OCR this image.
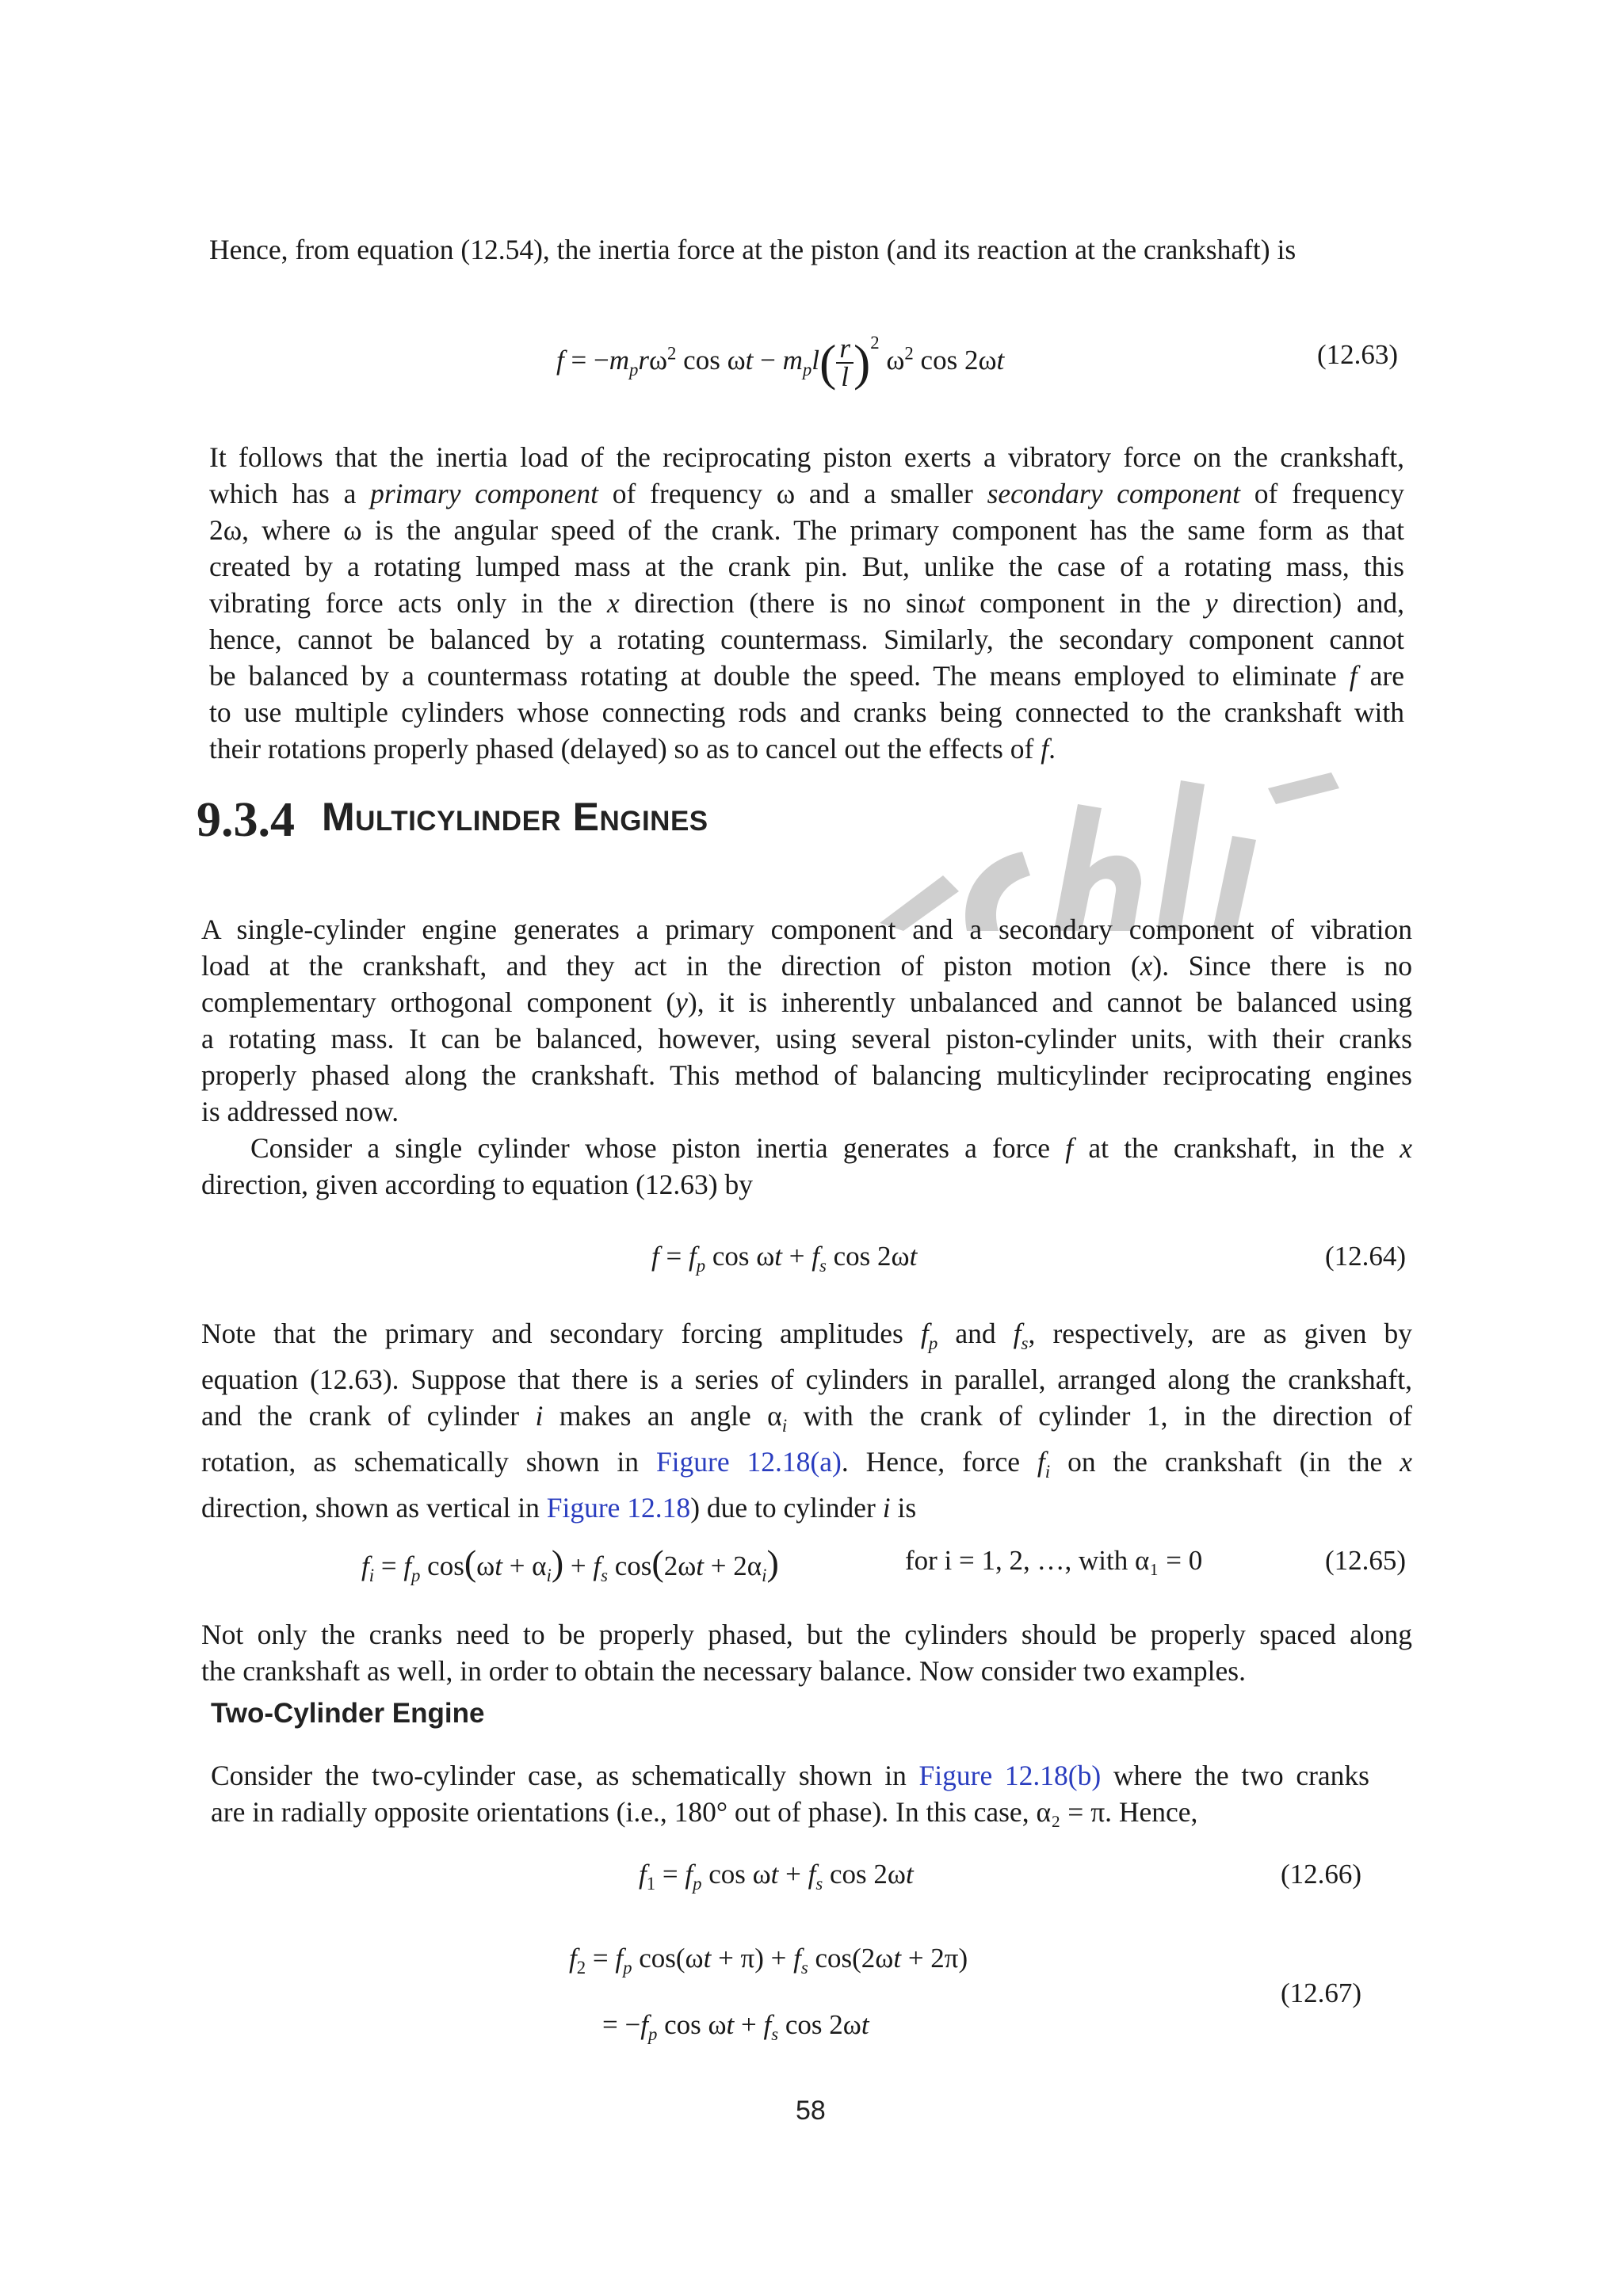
Hence, from equation (12.54), the inertia force at the piston (and its reaction at the crankshaft) is

$f = -m_pr\omega^2$ $\cos \omega t - m_pl( \frac{r}{l} )^2$ $\omega^2$ cos 2ωt	(12.63)
It follows that the inertia load of the reciprocating piston exerts a vibratory force on the crankshaft,
which has a primary component of frequency ω and a smaller secondary component of frequency
2ω, where ω is the angular speed of the crank. The primary component has the same form as that
created by a rotating lumped mass at the crank pin. But, unlike the case of a rotating mass, this
vibrating force acts only in the x direction (there is no sinωt component in the y direction) and,
hence, cannot be balanced by a rotating countermass. Similarly, the secondary component cannot
be balanced by a countermass rotating at double the speed. The means employed to eliminate f are
to use multiple cylinders whose connecting rods and cranks being connected to the crankshaft with
their rotations properly phased (delayed) so as to cancel out the effects of f.
9.3.4 Multicylinder Engines
A single-cylinder engine generates a primary component and a secondary component of vibration
load at the crankshaft, and they act in the direction of piston motion (x). Since there is no
complementary orthogonal component (y), it is inherently unbalanced and cannot be balanced using
a rotating mass. It can be balanced, however, using several piston-cylinder units, with their cranks
properly phased along the crankshaft. This method of balancing multicylinder reciprocating engines
is addressed now.
Consider a single cylinder whose piston inertia generates a force f at the crankshaft, in the x
direction, given according to equation (12.63) by
$f = f_p$ $\cos \omega t + f_s$ cos 2ωt	(12.64)
Note that the primary and secondary forcing amplitudes $f_p$ and $f_s$, respectively, are as given by
equation (12.63). Suppose that there is a series of cylinders in parallel, arranged along the crankshaft,
and the crank of cylinder i makes an angle $\alpha_i$ with the crank of cylinder 1, in the direction of
rotation, as schematically shown in Figure 12.18(a). Hence, force $f_i$ on the crankshaft (in the x
direction, shown as vertical in Figure 12.18) due to cylinder i is
$f_i = f_p$ $\cos(\omega t + \alpha_i) + f_s$ $\cos(2\omega t + 2\alpha_i)$	for i = 1, 2, …, with α₁ = 0	(12.65)
Not only the cranks need to be properly phased, but the cylinders should be properly spaced along
the crankshaft as well, in order to obtain the necessary balance. Now consider two examples.
Two-Cylinder Engine
Consider the two-cylinder case, as schematically shown in Figure 12.18(b) where the two cranks
are in radially opposite orientations (i.e., 180° out of phase). In this case, α₂ = π. Hence,
$f_1 = f_p$ $\cos \omega t + f_s$ cos 2ωt	(12.66)
$f_2 = f_p$ $\cos(\omega t + \pi) + f_s$ cos(2ωt + 2π)
= $-f_p$ $\cos \omega t + f_s$ cos 2ωt
(12.67)
58
